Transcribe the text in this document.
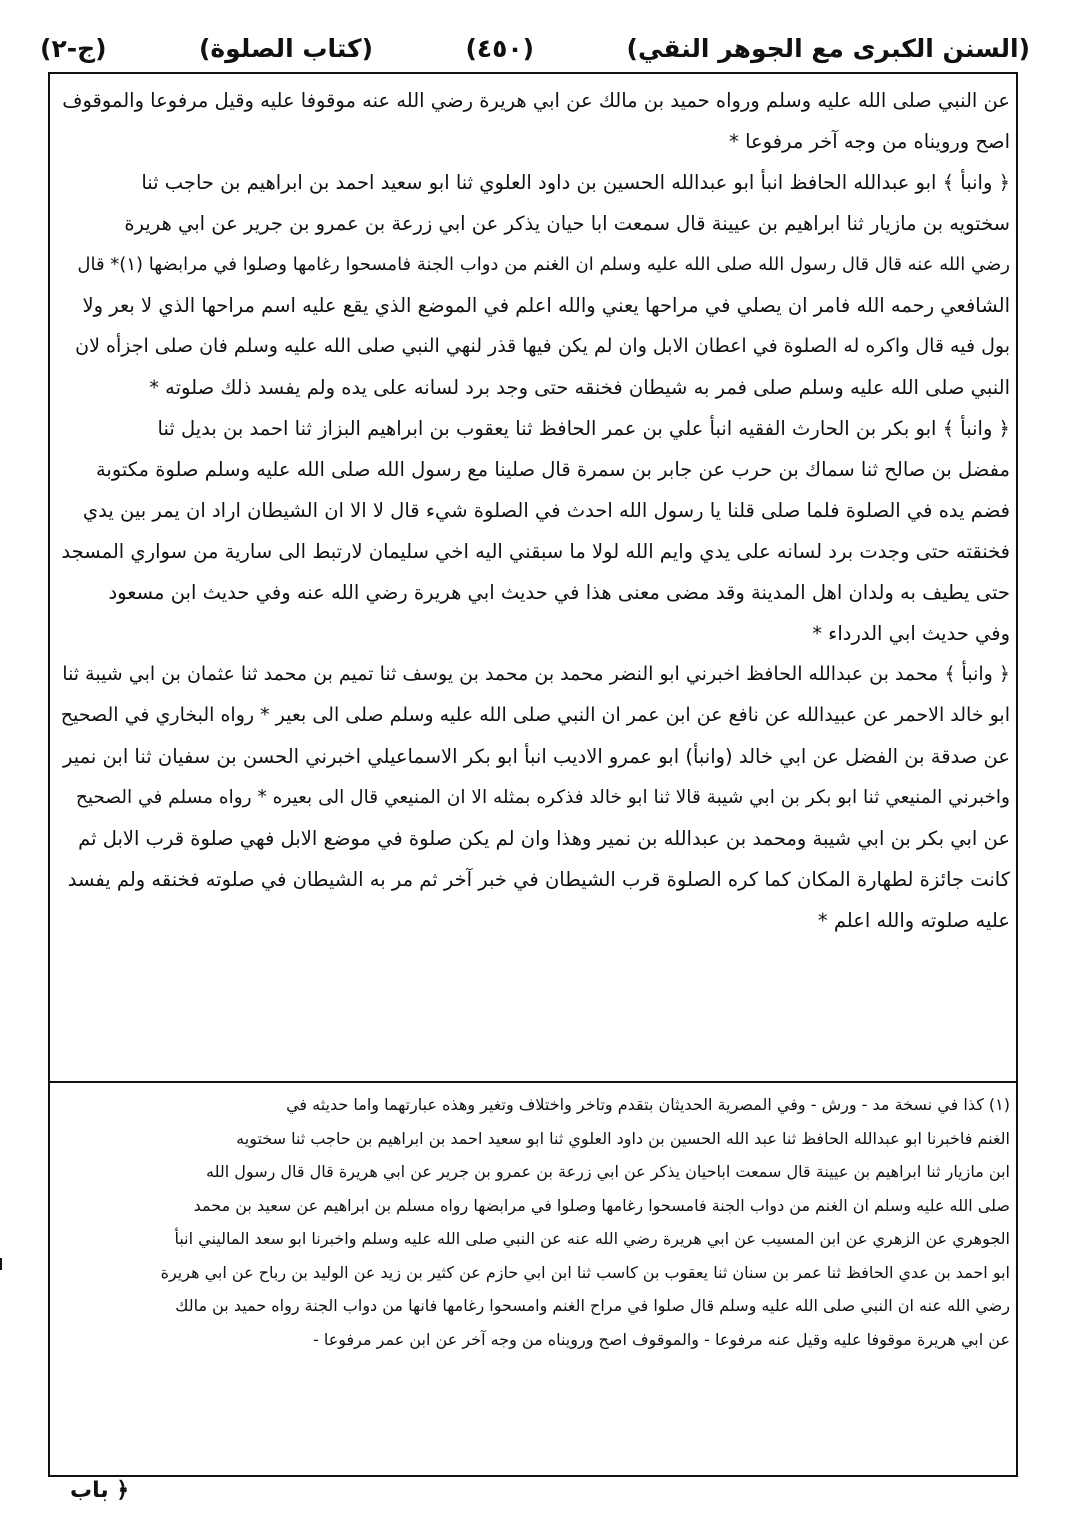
(السنن الكبرى مع الجوهر النقي)
(٤٥٠)
(كتاب الصلوة)
(ج-٢)
عن النبي صلى الله عليه وسلم ورواه حميد بن مالك عن ابي هريرة رضي الله عنه موقوفا عليه وقيل مرفوعا والموقوف
اصح ورويناه من وجه آخر مرفوعا *
﴿ وانبأ ﴾ ابو عبدالله الحافظ انبأ ابو عبدالله الحسين بن داود العلوي ثنا ابو سعيد احمد بن ابراهيم بن حاجب ثنا
سختويه بن مازيار ثنا ابراهيم بن عيينة قال سمعت ابا حيان يذكر عن ابي زرعة بن عمرو بن جرير عن ابي هريرة
رضي الله عنه قال قال رسول الله صلى الله عليه وسلم ان الغنم من دواب الجنة فامسحوا رغامها وصلوا في مرابضها (١)* قال
الشافعي رحمه الله فامر ان يصلي في مراحها يعني والله اعلم في الموضع الذي يقع عليه اسم مراحها الذي لا بعر ولا
بول فيه قال واكره له الصلوة في اعطان الابل وان لم يكن فيها قذر لنهي النبي صلى الله عليه وسلم فان صلى اجزأه لان
النبي صلى الله عليه وسلم صلى فمر به شيطان فخنقه حتى وجد برد لسانه على يده ولم يفسد ذلك صلوته *
﴿ وانبأ ﴾ ابو بكر بن الحارث الفقيه انبأ علي بن عمر الحافظ ثنا يعقوب بن ابراهيم البزاز ثنا احمد بن بديل ثنا
مفضل بن صالح ثنا سماك بن حرب عن جابر بن سمرة قال صلينا مع رسول الله صلى الله عليه وسلم صلوة مكتوبة
فضم يده في الصلوة فلما صلى قلنا يا رسول الله احدث في الصلوة شيء قال لا الا ان الشيطان اراد ان يمر بين يدي
فخنقته حتى وجدت برد لسانه على يدي وايم الله لولا ما سبقني اليه اخي سليمان لارتبط الى سارية من سواري المسجد
حتى يطيف به ولدان اهل المدينة وقد مضى معنى هذا في حديث ابي هريرة رضي الله عنه وفي حديث ابن مسعود
وفي حديث ابي الدرداء *
﴿ وانبأ ﴾ محمد بن عبدالله الحافظ اخبرني ابو النضر محمد بن محمد بن يوسف ثنا تميم بن محمد ثنا عثمان بن ابي شيبة ثنا
ابو خالد الاحمر عن عبيدالله عن نافع عن ابن عمر ان النبي صلى الله عليه وسلم صلى الى بعير * رواه البخاري في الصحيح
عن صدقة بن الفضل عن ابي خالد (وانبأ) ابو عمرو الاديب انبأ ابو بكر الاسماعيلي اخبرني الحسن بن سفيان ثنا ابن نمير
واخبرني المنيعي ثنا ابو بكر بن ابي شيبة قالا ثنا ابو خالد فذكره بمثله الا ان المنيعي قال الى بعيره * رواه مسلم في الصحيح
عن ابي بكر بن ابي شيبة ومحمد بن عبدالله بن نمير وهذا وان لم يكن صلوة في موضع الابل فهي صلوة قرب الابل ثم
كانت جائزة لطهارة المكان كما كره الصلوة قرب الشيطان في خبر آخر ثم مر به الشيطان في صلوته فخنقه ولم يفسد
عليه صلوته والله اعلم *
(١) كذا في نسخة مد - ورش - وفي المصرية الحديثان بتقدم وتاخر واختلاف وتغير وهذه عبارتهما واما حديثه في
الغنم فاخبرنا ابو عبدالله الحافظ ثنا عبد الله الحسين بن داود العلوي ثنا ابو سعيد احمد بن ابراهيم بن حاجب ثنا سختويه
ابن مازيار ثنا ابراهيم بن عيينة قال سمعت اباحيان يذكر عن ابي زرعة بن عمرو بن جرير عن ابي هريرة قال قال رسول الله
صلى الله عليه وسلم ان الغنم من دواب الجنة فامسحوا رغامها وصلوا في مرابضها رواه مسلم بن ابراهيم عن سعيد بن محمد
الجوهري عن الزهري عن ابن المسيب عن ابي هريرة رضي الله عنه عن النبي صلى الله عليه وسلم واخبرنا ابو سعد الماليني انبأ
ابو احمد بن عدي الحافظ ثنا عمر بن سنان ثنا يعقوب بن كاسب ثنا ابن ابي حازم عن كثير بن زيد عن الوليد بن رباح عن ابي هريرة
رضي الله عنه ان النبي صلى الله عليه وسلم قال صلوا في مراح الغنم وامسحوا رغامها فانها من دواب الجنة رواه حميد بن مالك
عن ابي هريرة موقوفا عليه وقيل عنه مرفوعا - والموقوف اصح ورويناه من وجه آخر عن ابن عمر مرفوعا -
﴿ باب
